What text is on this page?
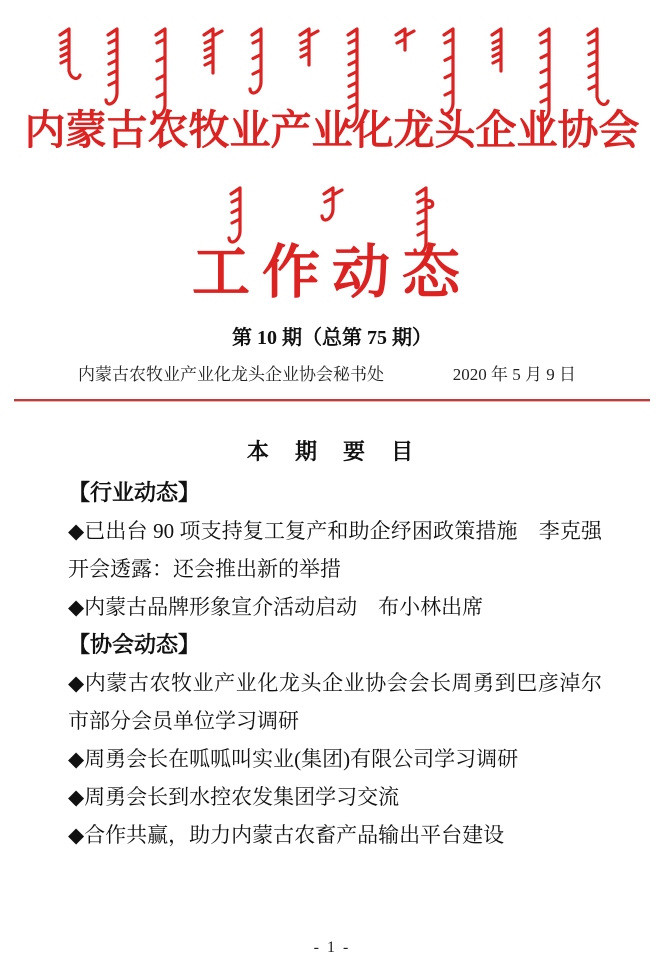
内蒙古农牧业产业化龙头企业协会
工作动态
第 10 期（总第 75 期）
内蒙古农牧业产业化龙头企业协会秘书处	2020 年 5 月 9 日
本 期 要 目
【行业动态】
◆已出台 90 项支持复工复产和助企纾困政策措施　李克强开会透露：还会推出新的举措
◆内蒙古品牌形象宣介活动启动　布小林出席
【协会动态】
◆内蒙古农牧业产业化龙头企业协会会长周勇到巴彦淖尔市部分会员单位学习调研
◆周勇会长在呱呱叫实业(集团)有限公司学习调研
◆周勇会长到水控农发集团学习交流
◆合作共赢，助力内蒙古农畜产品输出平台建设
- 1 -
